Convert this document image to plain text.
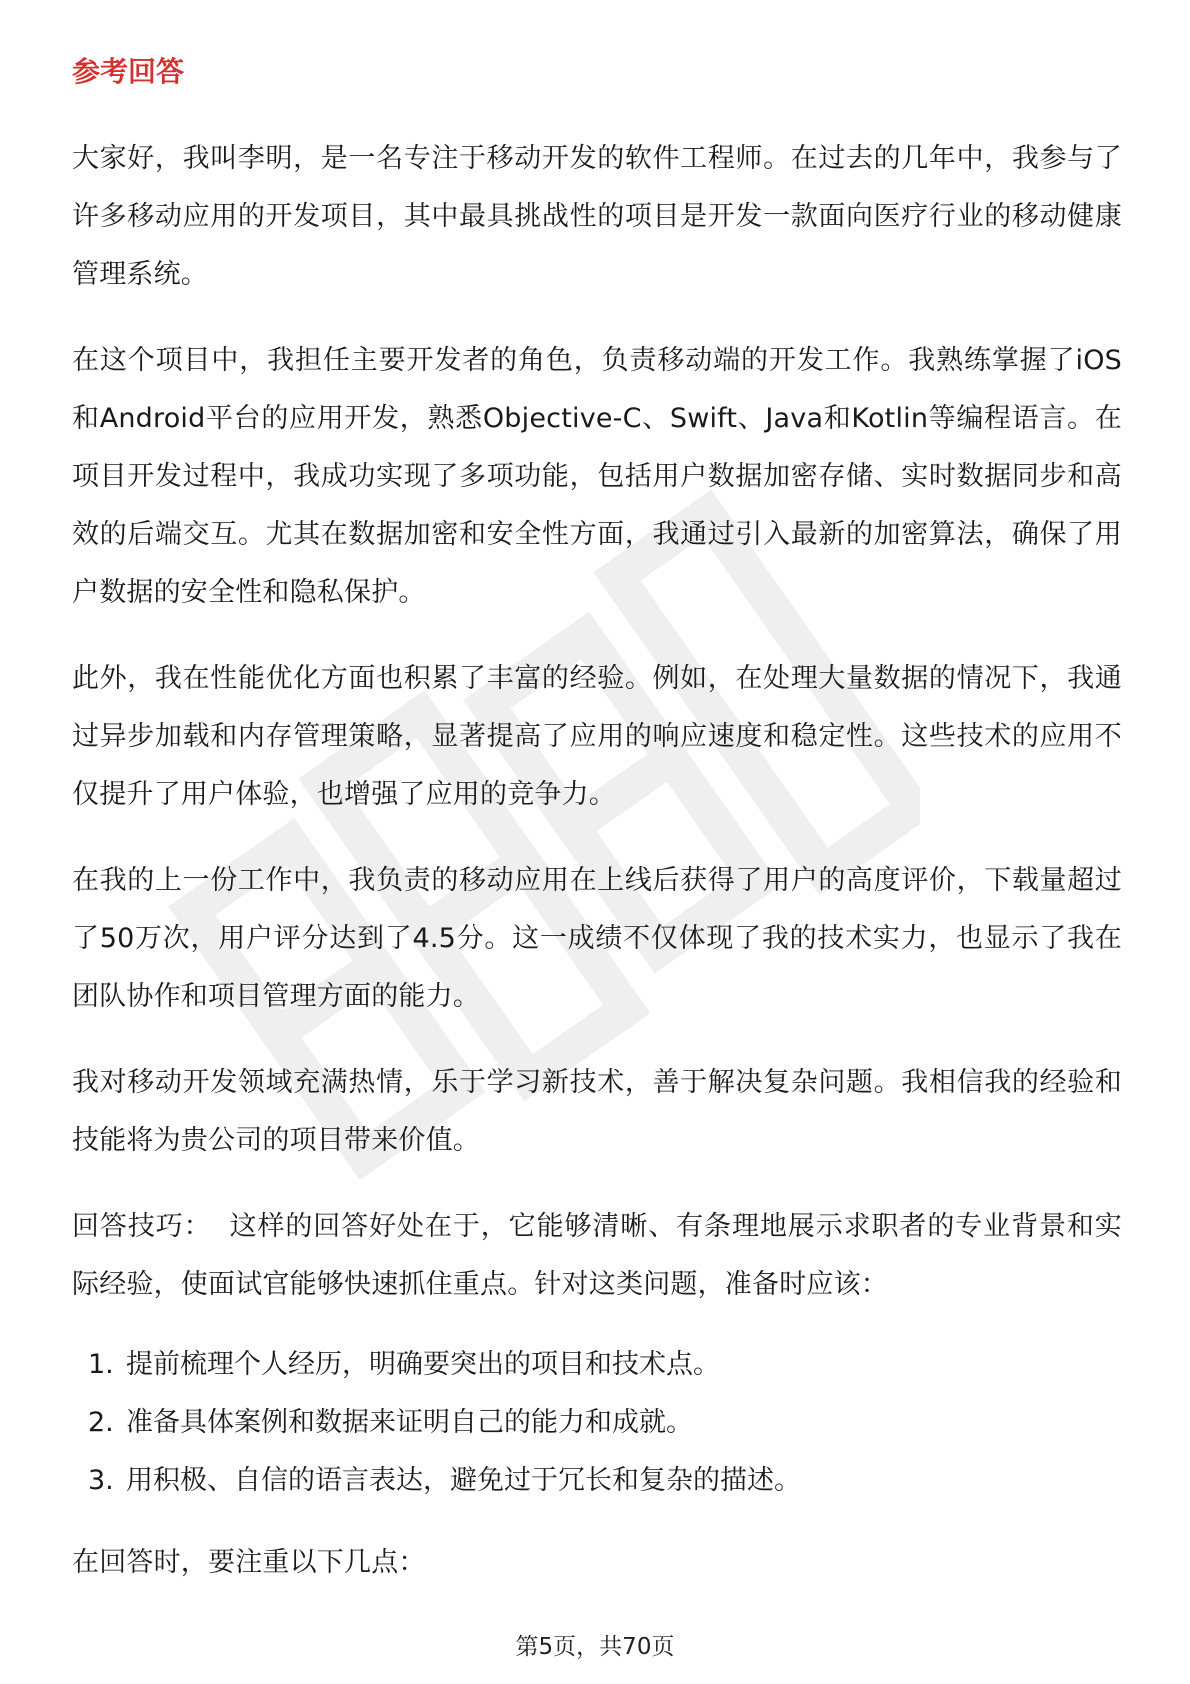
参考回答

大家好，我叫李明，是一名专注于移动开发的软件工程师。在过去的几年中，我参与了许多移动应用的开发项目，其中最具挑战性的项目是开发一款面向医疗行业的移动健康管理系统。

在这个项目中，我担任主要开发者的角色，负责移动端的开发工作。我熟练掌握了iOS和Android平台的应用开发，熟悉Objective-C、Swift、Java和Kotlin等编程语言。在项目开发过程中，我成功实现了多项功能，包括用户数据加密存储、实时数据同步和高效的后端交互。尤其在数据加密和安全性方面，我通过引入最新的加密算法，确保了用户数据的安全性和隐私保护。

此外，我在性能优化方面也积累了丰富的经验。例如，在处理大量数据的情况下，我通过异步加载和内存管理策略，显著提高了应用的响应速度和稳定性。这些技术的应用不仅提升了用户体验，也增强了应用的竞争力。

在我的上一份工作中，我负责的移动应用在上线后获得了用户的高度评价，下载量超过了50万次，用户评分达到了4.5分。这一成绩不仅体现了我的技术实力，也显示了我在团队协作和项目管理方面的能力。

我对移动开发领域充满热情，乐于学习新技术，善于解决复杂问题。我相信我的经验和技能将为贵公司的项目带来价值。

回答技巧： 这样的回答好处在于，它能够清晰、有条理地展示求职者的专业背景和实际经验，使面试官能够快速抓住重点。针对这类问题，准备时应该：

1. 提前梳理个人经历，明确要突出的项目和技术点。
2. 准备具体案例和数据来证明自己的能力和成就。
3. 用积极、自信的语言表达，避免过于冗长和复杂的描述。

在回答时，要注重以下几点：

第5页，共70页
